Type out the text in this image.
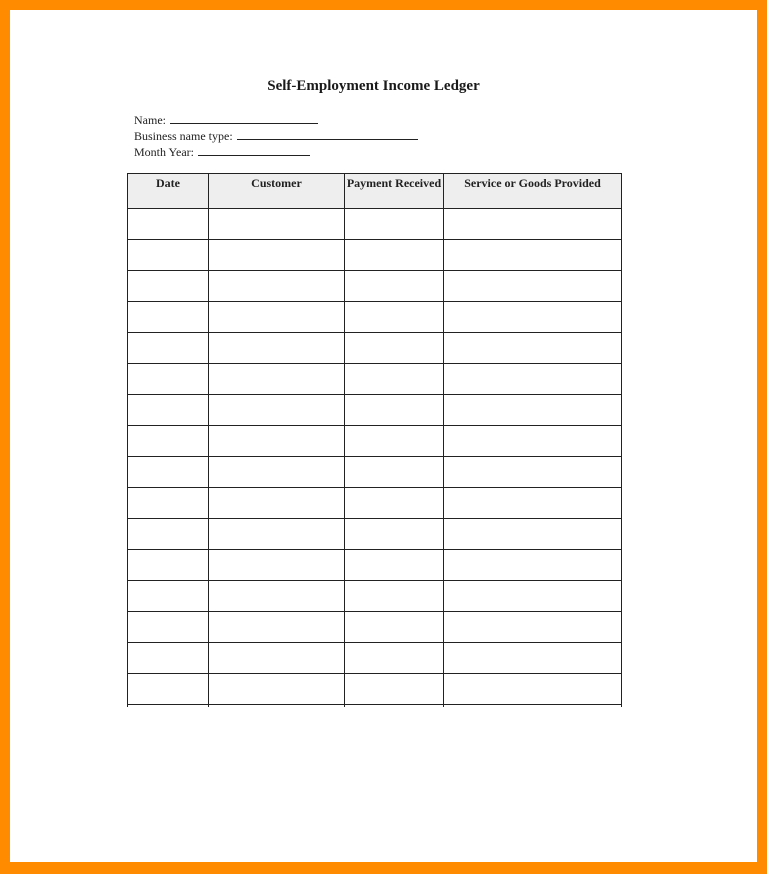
Self-Employment Income Ledger
Name:
Business name type:
Month Year:
Date	Customer	Payment Received	Service or Goods Provided
